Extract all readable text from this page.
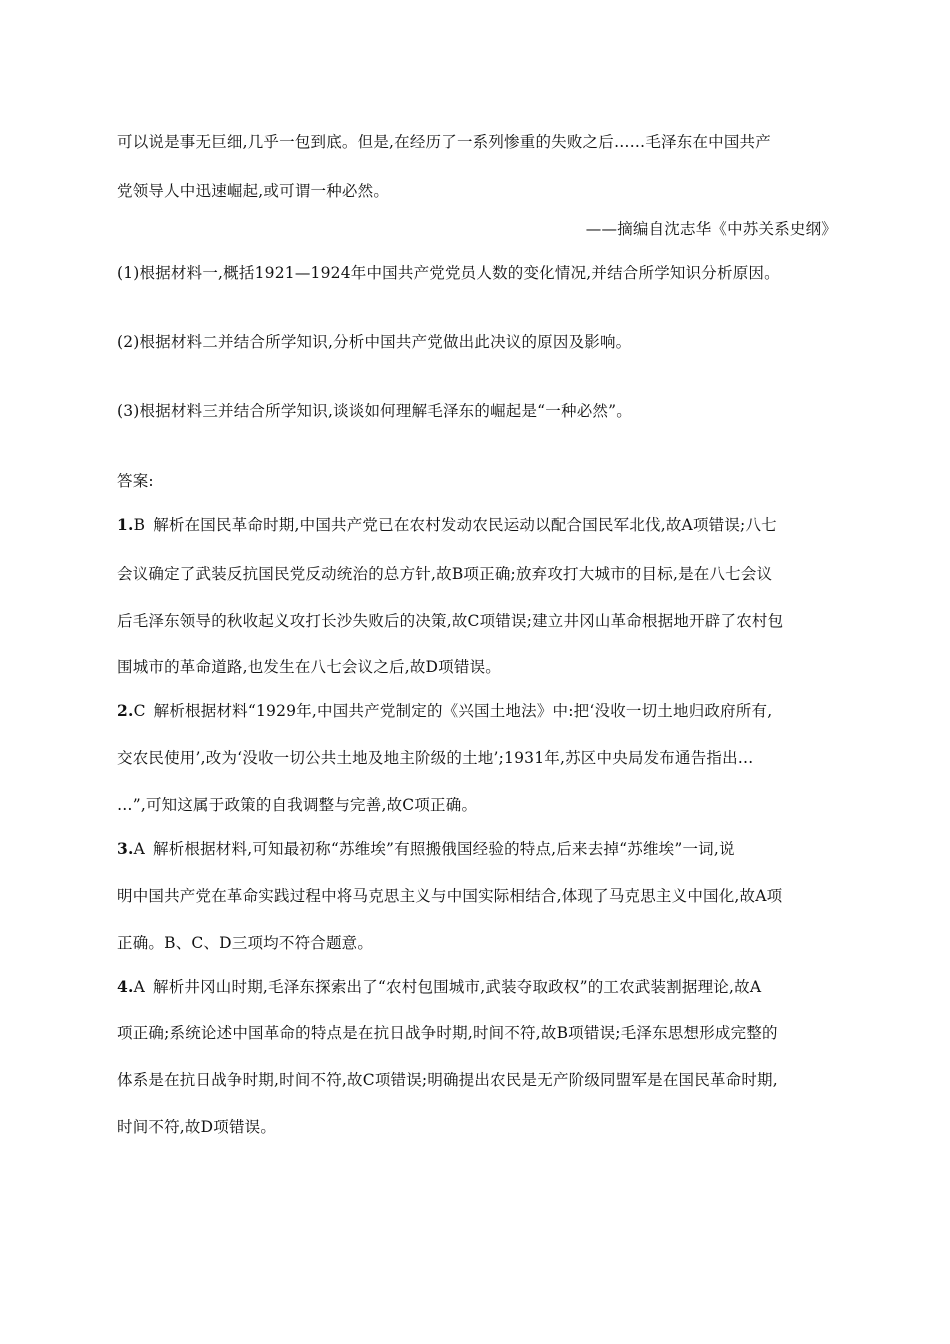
可以说是事无巨细,几乎一包到底。但是,在经历了一系列惨重的失败之后……毛泽东在中国共产
党领导人中迅速崛起,或可谓一种必然。
——摘编自沈志华《中苏关系史纲》
(1)根据材料一,概括1921—1924年中国共产党党员人数的变化情况,并结合所学知识分析原因。
(2)根据材料二并结合所学知识,分析中国共产党做出此决议的原因及影响。
(3)根据材料三并结合所学知识,谈谈如何理解毛泽东的崛起是“一种必然”。
答案:
1.B 解析在国民革命时期,中国共产党已在农村发动农民运动以配合国民军北伐,故A项错误;八七
会议确定了武装反抗国民党反动统治的总方针,故B项正确;放弃攻打大城市的目标,是在八七会议
后毛泽东领导的秋收起义攻打长沙失败后的决策,故C项错误;建立井冈山革命根据地开辟了农村包
围城市的革命道路,也发生在八七会议之后,故D项错误。
2.C 解析根据材料“1929年,中国共产党制定的《兴国土地法》中:把‘没收一切土地归政府所有,
交农民使用’,改为‘没收一切公共土地及地主阶级的土地’;1931年,苏区中央局发布通告指出…
…”,可知这属于政策的自我调整与完善,故C项正确。
3.A 解析根据材料,可知最初称“苏维埃”有照搬俄国经验的特点,后来去掉“苏维埃”一词,说
明中国共产党在革命实践过程中将马克思主义与中国实际相结合,体现了马克思主义中国化,故A项
正确。B、C、D三项均不符合题意。
4.A 解析井冈山时期,毛泽东探索出了“农村包围城市,武装夺取政权”的工农武装割据理论,故A
项正确;系统论述中国革命的特点是在抗日战争时期,时间不符,故B项错误;毛泽东思想形成完整的
体系是在抗日战争时期,时间不符,故C项错误;明确提出农民是无产阶级同盟军是在国民革命时期,
时间不符,故D项错误。
